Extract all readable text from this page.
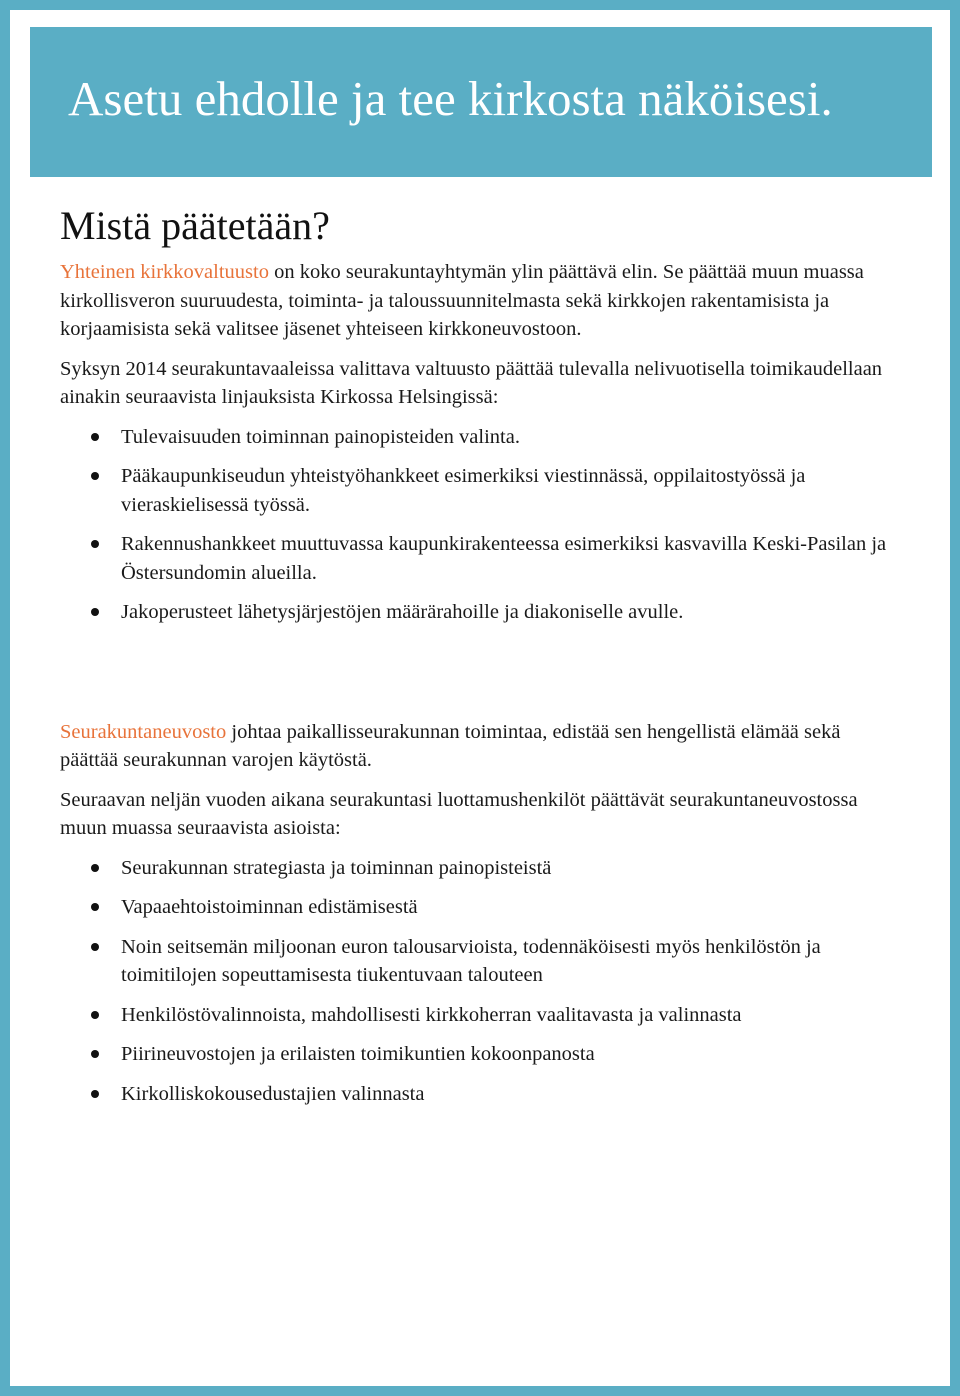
Asetu ehdolle ja tee kirkosta näköisesi.
Mistä päätetään?

Yhteinen kirkkovaltuusto on koko seurakuntayhtymän ylin päättävä elin. Se päättää muun muassa kirkollisveron suuruudesta, toiminta- ja taloussuunnitelmasta sekä kirkkojen rakentamisista ja korjaamisista sekä valitsee jäsenet yhteiseen kirkkoneuvostoon.

Syksyn 2014 seurakuntavaaleissa valittava valtuusto päättää tulevalla nelivuotisella toimikaudellaan ainakin seuraavista linjauksista Kirkossa Helsingissä:

Tulevaisuuden toiminnan painopisteiden valinta.
Pääkaupunkiseudun yhteistyöhankkeet esimerkiksi viestinnässä, oppilaitostyössä ja vieraskielisessä työssä.
Rakennushankkeet muuttuvassa kaupunkirakenteessa esimerkiksi kasvavilla Keski-Pasilan ja Östersundomin alueilla.
Jakoperusteet lähetysjärjestöjen määrärahoille ja diakoniselle avulle.

Seurakuntaneuvosto johtaa paikallisseurakunnan toimintaa, edistää sen hengellistä elämää sekä päättää seurakunnan varojen käytöstä.

Seuraavan neljän vuoden aikana seurakuntasi luottamushenkilöt päättävät seurakuntaneuvostossa muun muassa seuraavista asioista:

Seurakunnan strategiasta ja toiminnan painopisteistä
Vapaaehtoistoiminnan edistämisestä
Noin seitsemän miljoonan euron talousarvioista, todennäköisesti myös henkilöstön ja toimitilojen sopeuttamisesta tiukentuvaan talouteen
Henkilöstövalinnoista, mahdollisesti kirkkoherran vaalitavasta ja valinnasta
Piirineuvostojen ja erilaisten toimikuntien kokoonpanosta
Kirkolliskokousedustajien valinnasta
